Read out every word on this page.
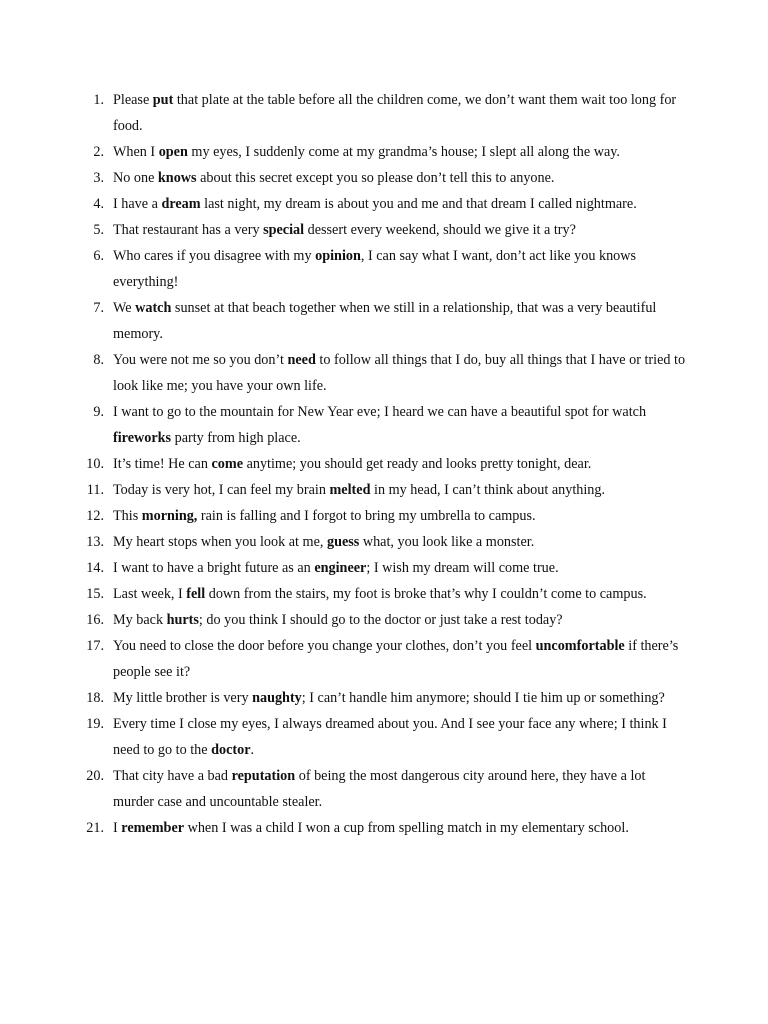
1. Please put that plate at the table before all the children come, we don’t want them wait too long for food.
2. When I open my eyes, I suddenly come at my grandma’s house; I slept all along the way.
3. No one knows about this secret except you so please don’t tell this to anyone.
4. I have a dream last night, my dream is about you and me and that dream I called nightmare.
5. That restaurant has a very special dessert every weekend, should we give it a try?
6. Who cares if you disagree with my opinion, I can say what I want, don’t act like you knows everything!
7. We watch sunset at that beach together when we still in a relationship, that was a very beautiful memory.
8. You were not me so you don’t need to follow all things that I do, buy all things that I have or tried to look like me; you have your own life.
9. I want to go to the mountain for New Year eve; I heard we can have a beautiful spot for watch fireworks party from high place.
10. It’s time! He can come anytime; you should get ready and looks pretty tonight, dear.
11. Today is very hot, I can feel my brain melted in my head, I can’t think about anything.
12. This morning, rain is falling and I forgot to bring my umbrella to campus.
13. My heart stops when you look at me, guess what, you look like a monster.
14. I want to have a bright future as an engineer; I wish my dream will come true.
15. Last week, I fell down from the stairs, my foot is broke that’s why I couldn’t come to campus.
16. My back hurts; do you think I should go to the doctor or just take a rest today?
17. You need to close the door before you change your clothes, don’t you feel uncomfortable if there’s people see it?
18. My little brother is very naughty; I can’t handle him anymore; should I tie him up or something?
19. Every time I close my eyes, I always dreamed about you. And I see your face any where; I think I need to go to the doctor.
20. That city have a bad reputation of being the most dangerous city around here, they have a lot murder case and uncountable stealer.
21. I remember when I was a child I won a cup from spelling match in my elementary school.
